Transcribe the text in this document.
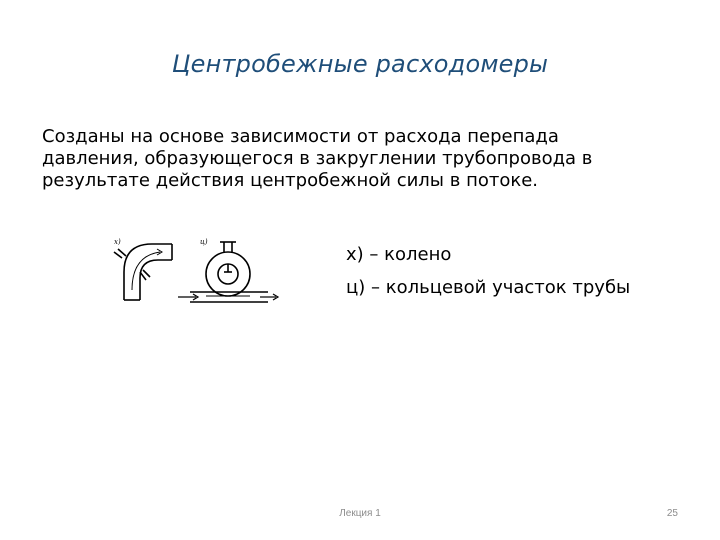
Центробежные расходомеры
Созданы на основе зависимости от расхода перепада
давления, образующегося в закруглении трубопровода в
результате действия центробежной силы в потоке.
х)	ц)
х) – колено
ц) – кольцевой участок трубы
Лекция 1	25
